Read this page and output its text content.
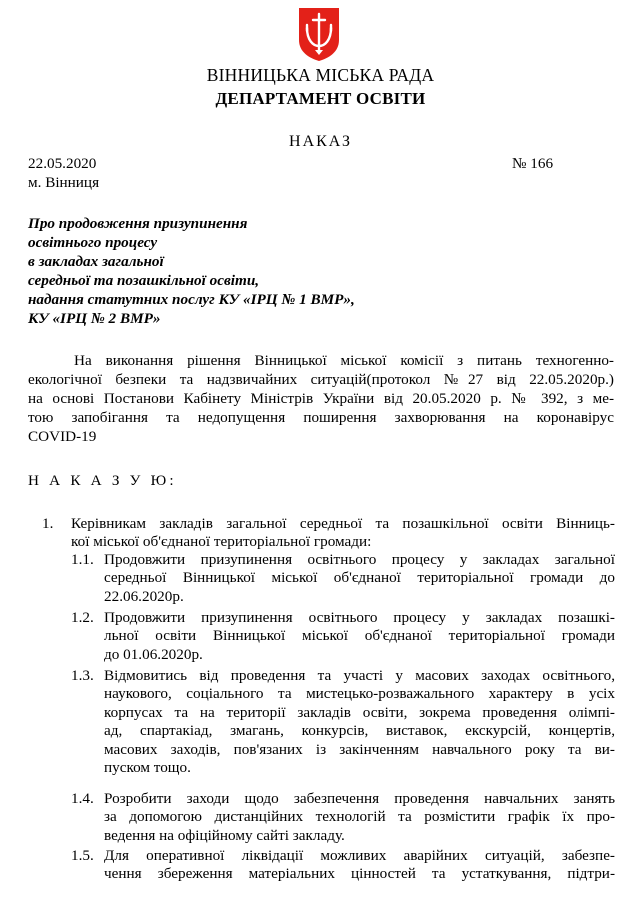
ВІННИЦЬКА МІСЬКА РАДА
ДЕПАРТАМЕНТ ОСВІТИ
НАКАЗ
22.05.2020	№ 166
м. Вінниця
Про продовження призупинення
освітнього процесу
в закладах загальної
середньої та позашкільної освіти,
надання статутних послуг КУ «ІРЦ № 1 ВМР»,
КУ «ІРЦ № 2 ВМР»
На виконання рішення Вінницької міської комісії з питань техногенно-
екологічної безпеки та надзвичайних ситуацій(протокол №27 від 22.05.2020р.)
на основі Постанови Кабінету Міністрів України від 20.05.2020 р. № 392, з ме-
тою запобігання та недопущення поширення захворювання на коронавірус
COVID-19
Н А К А З У Ю:
1. Керівникам закладів загальної середньої та позашкільної освіти Вінниць-
кої міської об'єднаної територіальної громади:
1.1. Продовжити призупинення освітнього процесу у закладах загальної
середньої Вінницької міської об'єднаної територіальної громади до
22.06.2020р.
1.2. Продовжити призупинення освітнього процесу у закладах позашкі-
льної освіти Вінницької міської об'єднаної територіальної громади
до 01.06.2020р.
1.3. Відмовитись від проведення та участі у масових заходах освітнього,
наукового, соціального та мистецько-розважального характеру в усіх
корпусах та на території закладів освіти, зокрема проведення олімпі-
ад, спартакіад, змагань, конкурсів, виставок, екскурсій, концертів,
масових заходів, пов'язаних із закінченням навчального року та ви-
пуском тощо.
1.4. Розробити заходи щодо забезпечення проведення навчальних занять
за допомогою дистанційних технологій та розмістити графік їх про-
ведення на офіційному сайті закладу.
1.5. Для оперативної ліквідації можливих аварійних ситуацій, забезпе-
чення збереження матеріальних цінностей та устаткування, підтри-
